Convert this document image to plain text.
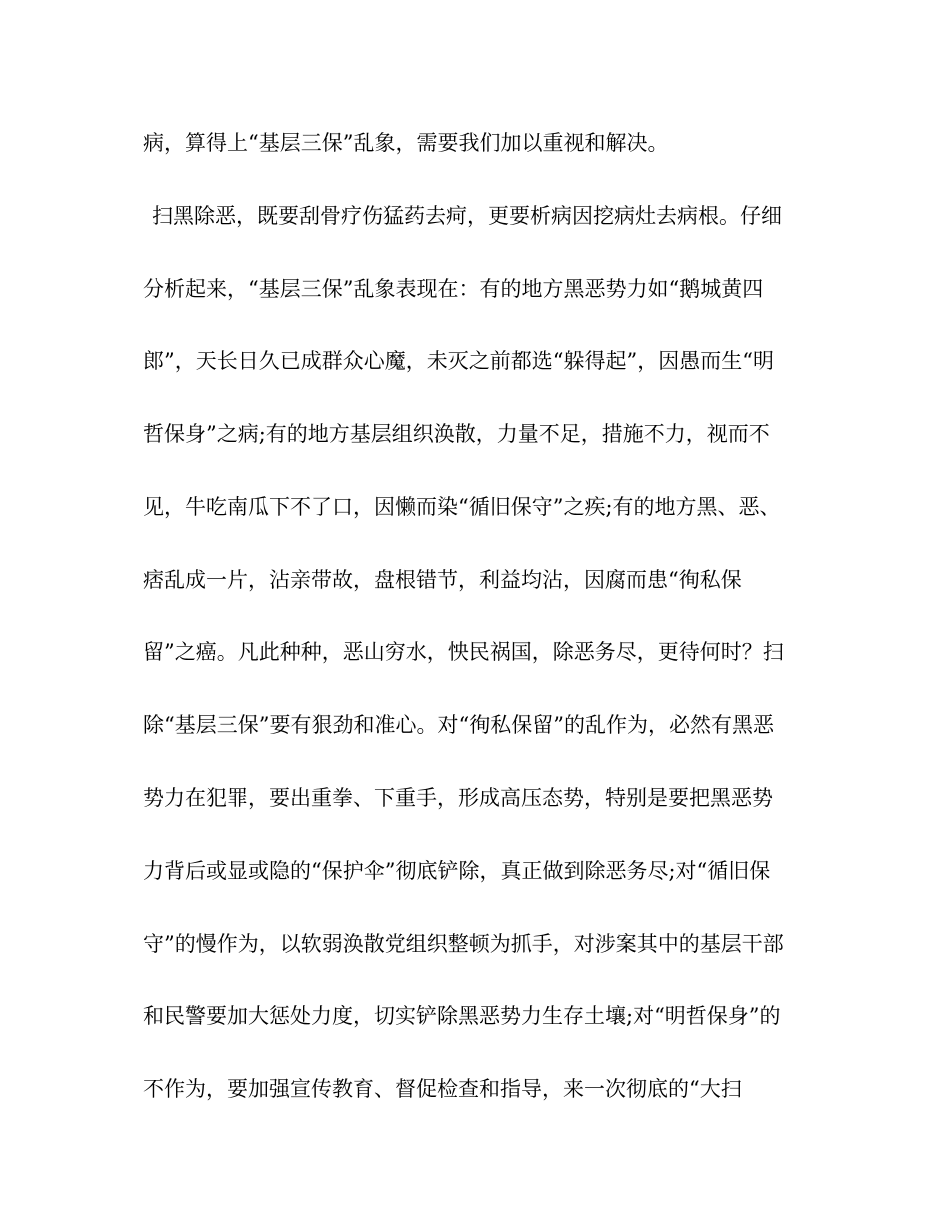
病，算得上“基层三保”乱象，需要我们加以重视和解决。

扫黑除恶，既要刮骨疗伤猛药去疴，更要析病因挖病灶去病根。仔细

分析起来，“基层三保”乱象表现在：有的地方黑恶势力如“鹅城黄四

郎”，天长日久已成群众心魔，未灭之前都选“躲得起”，因愚而生“明

哲保身”之病;有的地方基层组织涣散，力量不足，措施不力，视而不

见，牛吃南瓜下不了口，因懒而染“循旧保守”之疾;有的地方黑、恶、

痞乱成一片，沾亲带故，盘根错节，利益均沾，因腐而患“徇私保

留”之癌。凡此种种，恶山穷水，怏民祸国，除恶务尽，更待何时？扫

除“基层三保”要有狠劲和准心。对“徇私保留”的乱作为，必然有黑恶

势力在犯罪，要出重拳、下重手，形成高压态势，特别是要把黑恶势

力背后或显或隐的“保护伞”彻底铲除，真正做到除恶务尽;对“循旧保

守”的慢作为，以软弱涣散党组织整顿为抓手，对涉案其中的基层干部

和民警要加大惩处力度，切实铲除黑恶势力生存土壤;对“明哲保身”的

不作为，要加强宣传教育、督促检查和指导，来一次彻底的“大扫
